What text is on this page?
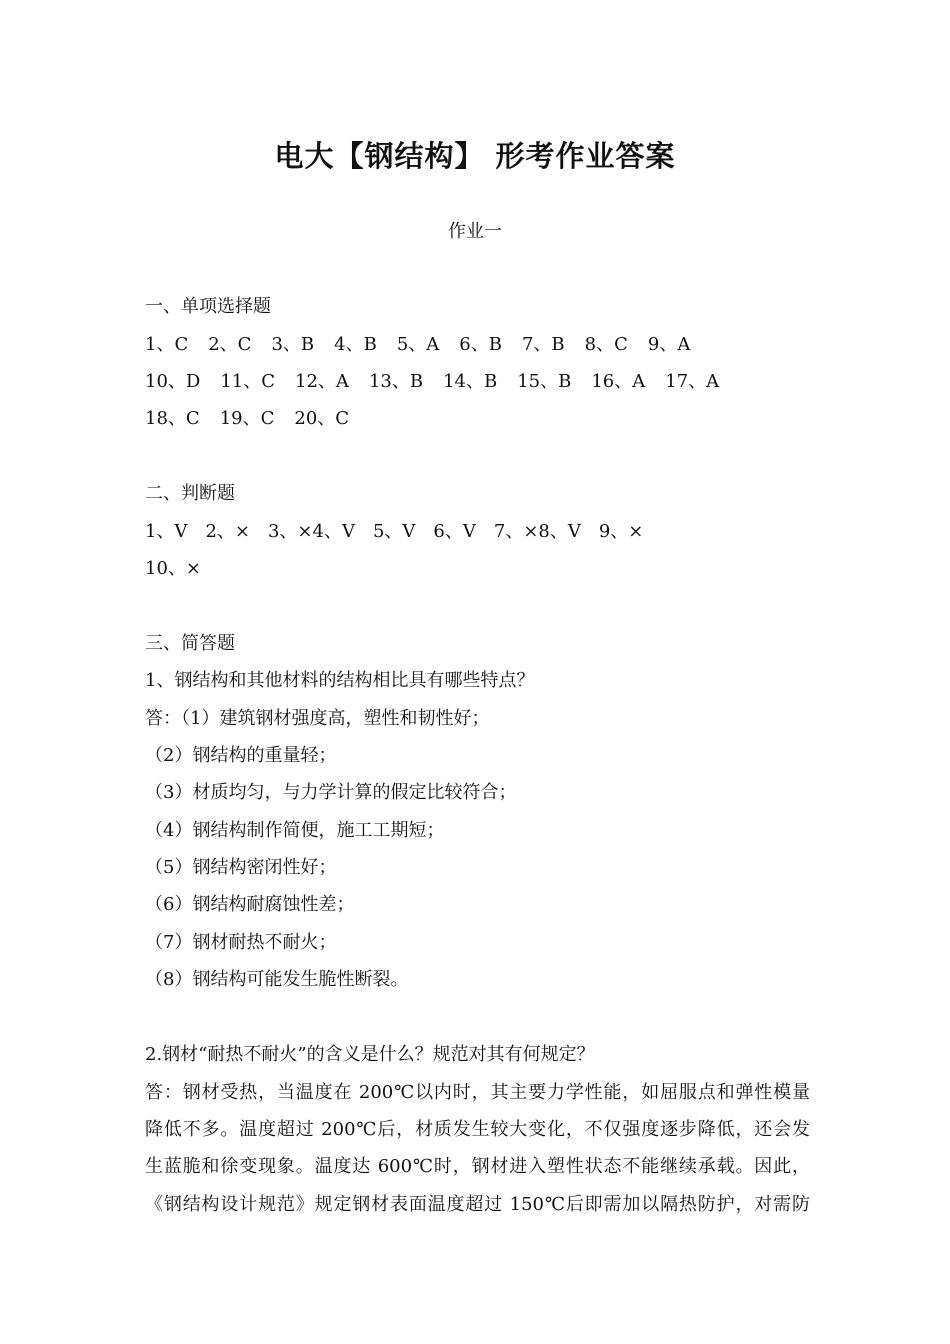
电大【钢结构】 形考作业答案
作业一
一、单项选择题
1、C 2、C 3、B 4、B 5、A 6、B 7、B 8、C 9、A
10、D 11、C 12、A 13、B 14、B 15、B 16、A 17、A
18、C 19、C 20、C
二、判断题
1、V　2、×　3、×4、V　5、V　6、V　7、×8、V　9、×
10、×
三、简答题
1、钢结构和其他材料的结构相比具有哪些特点？
答：（1）建筑钢材强度高，塑性和韧性好；
（2）钢结构的重量轻；
（3）材质均匀，与力学计算的假定比较符合；
（4）钢结构制作简便，施工工期短；
（5）钢结构密闭性好；
（6）钢结构耐腐蚀性差；
（7）钢材耐热不耐火；
（8）钢结构可能发生脆性断裂。
2.钢材“耐热不耐火”的含义是什么？规范对其有何规定？
答：钢材受热，当温度在 200℃以内时，其主要力学性能，如屈服点和弹性模量
降低不多。温度超过 200℃后，材质发生较大变化，不仅强度逐步降低，还会发
生蓝脆和徐变现象。温度达 600℃时，钢材进入塑性状态不能继续承载。因此，
《钢结构设计规范》规定钢材表面温度超过 150℃后即需加以隔热防护，对需防
